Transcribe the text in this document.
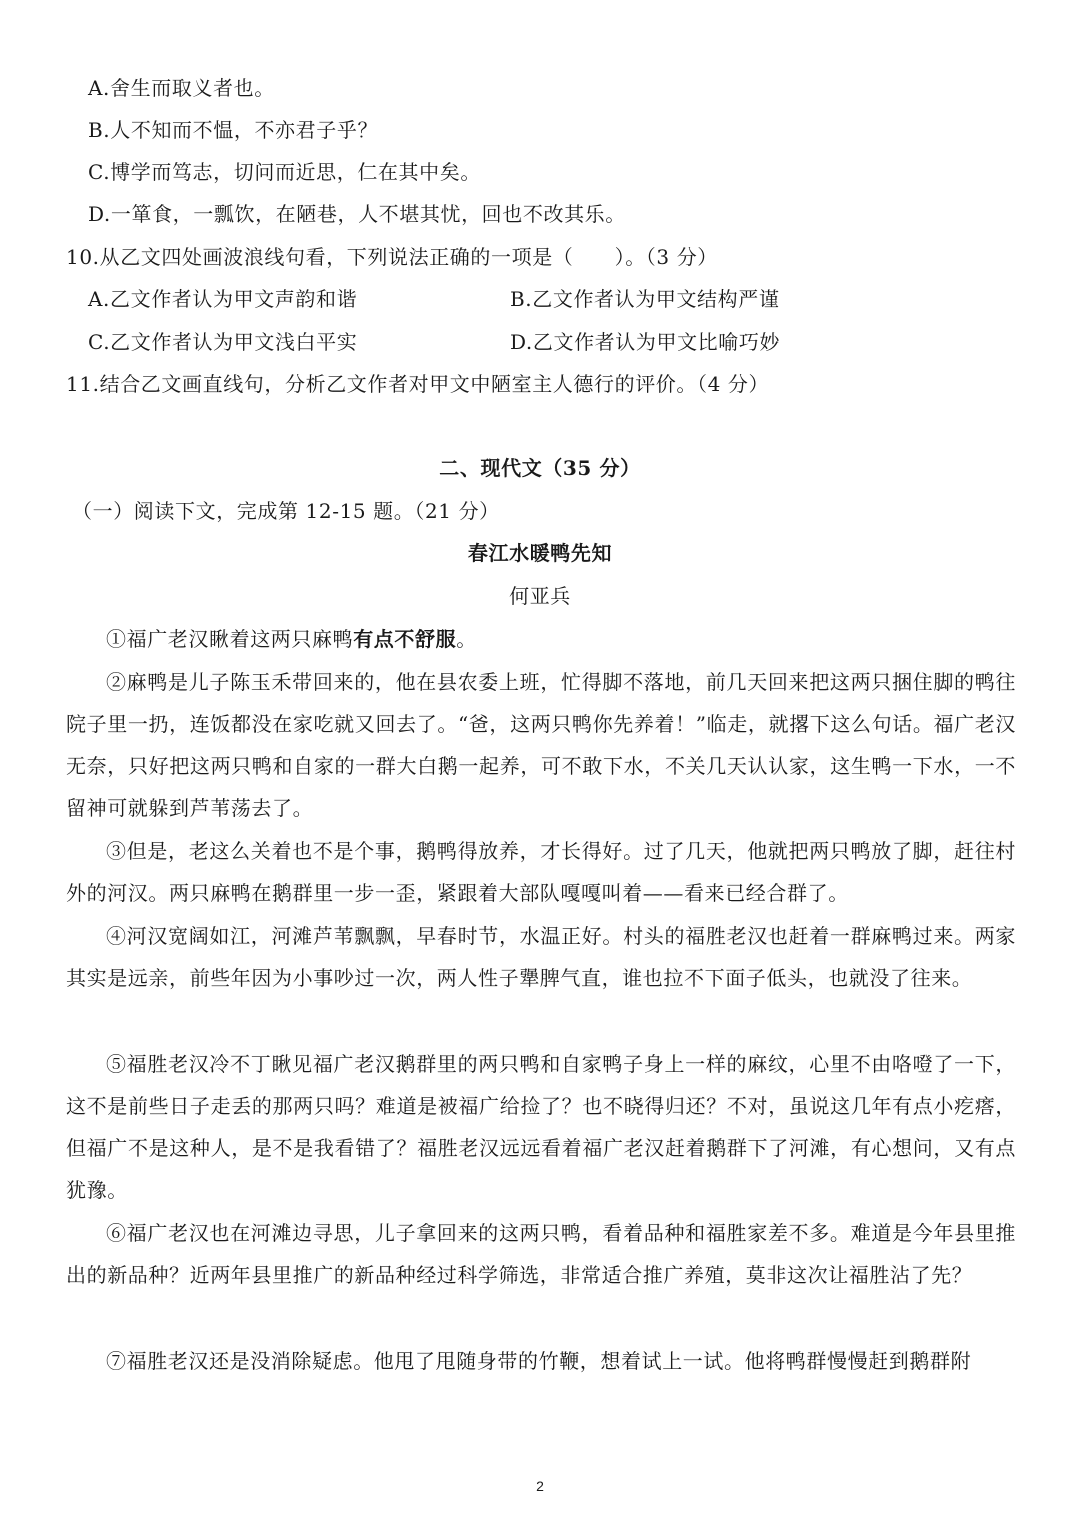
A.舍生而取义者也。
B.人不知而不愠，不亦君子乎？
C.博学而笃志，切问而近思，仁在其中矣。
D.一箪食，一瓢饮，在陋巷，人不堪其忧，回也不改其乐。
10.从乙文四处画波浪线句看，下列说法正确的一项是（　　）。（3 分）
A.乙文作者认为甲文声韵和谐	B.乙文作者认为甲文结构严谨
C.乙文作者认为甲文浅白平实	D.乙文作者认为甲文比喻巧妙
11.结合乙文画直线句，分析乙文作者对甲文中陋室主人德行的评价。（4 分）
二、现代文（35 分）
（一）阅读下文，完成第 12-15 题。（21 分）
春江水暖鸭先知
何亚兵
①福广老汉瞅着这两只麻鸭有点不舒服。
②麻鸭是儿子陈玉禾带回来的，他在县农委上班，忙得脚不落地，前几天回来把这两只捆住脚的鸭往院子里一扔，连饭都没在家吃就又回去了。“爸，这两只鸭你先养着！”临走，就撂下这么句话。福广老汉无奈，只好把这两只鸭和自家的一群大白鹅一起养，可不敢下水，不关几天认认家，这生鸭一下水，一不留神可就躲到芦苇荡去了。
③但是，老这么关着也不是个事，鹅鸭得放养，才长得好。过了几天，他就把两只鸭放了脚，赶往村外的河汉。两只麻鸭在鹅群里一步一歪，紧跟着大部队嘎嘎叫着——看来已经合群了。
④河汉宽阔如江，河滩芦苇飘飘，早春时节，水温正好。村头的福胜老汉也赶着一群麻鸭过来。两家其实是远亲，前些年因为小事吵过一次，两人性子犟脾气直，谁也拉不下面子低头，也就没了往来。
⑤福胜老汉冷不丁瞅见福广老汉鹅群里的两只鸭和自家鸭子身上一样的麻纹，心里不由咯噔了一下，这不是前些日子走丢的那两只吗？难道是被福广给捡了？也不晓得归还？不对，虽说这几年有点小疙瘩，但福广不是这种人，是不是我看错了？福胜老汉远远看着福广老汉赶着鹅群下了河滩，有心想问，又有点犹豫。
⑥福广老汉也在河滩边寻思，儿子拿回来的这两只鸭，看着品种和福胜家差不多。难道是今年县里推出的新品种？近两年县里推广的新品种经过科学筛选，非常适合推广养殖，莫非这次让福胜沾了先？
⑦福胜老汉还是没消除疑虑。他甩了甩随身带的竹鞭，想着试上一试。他将鸭群慢慢赶到鹅群附
2
